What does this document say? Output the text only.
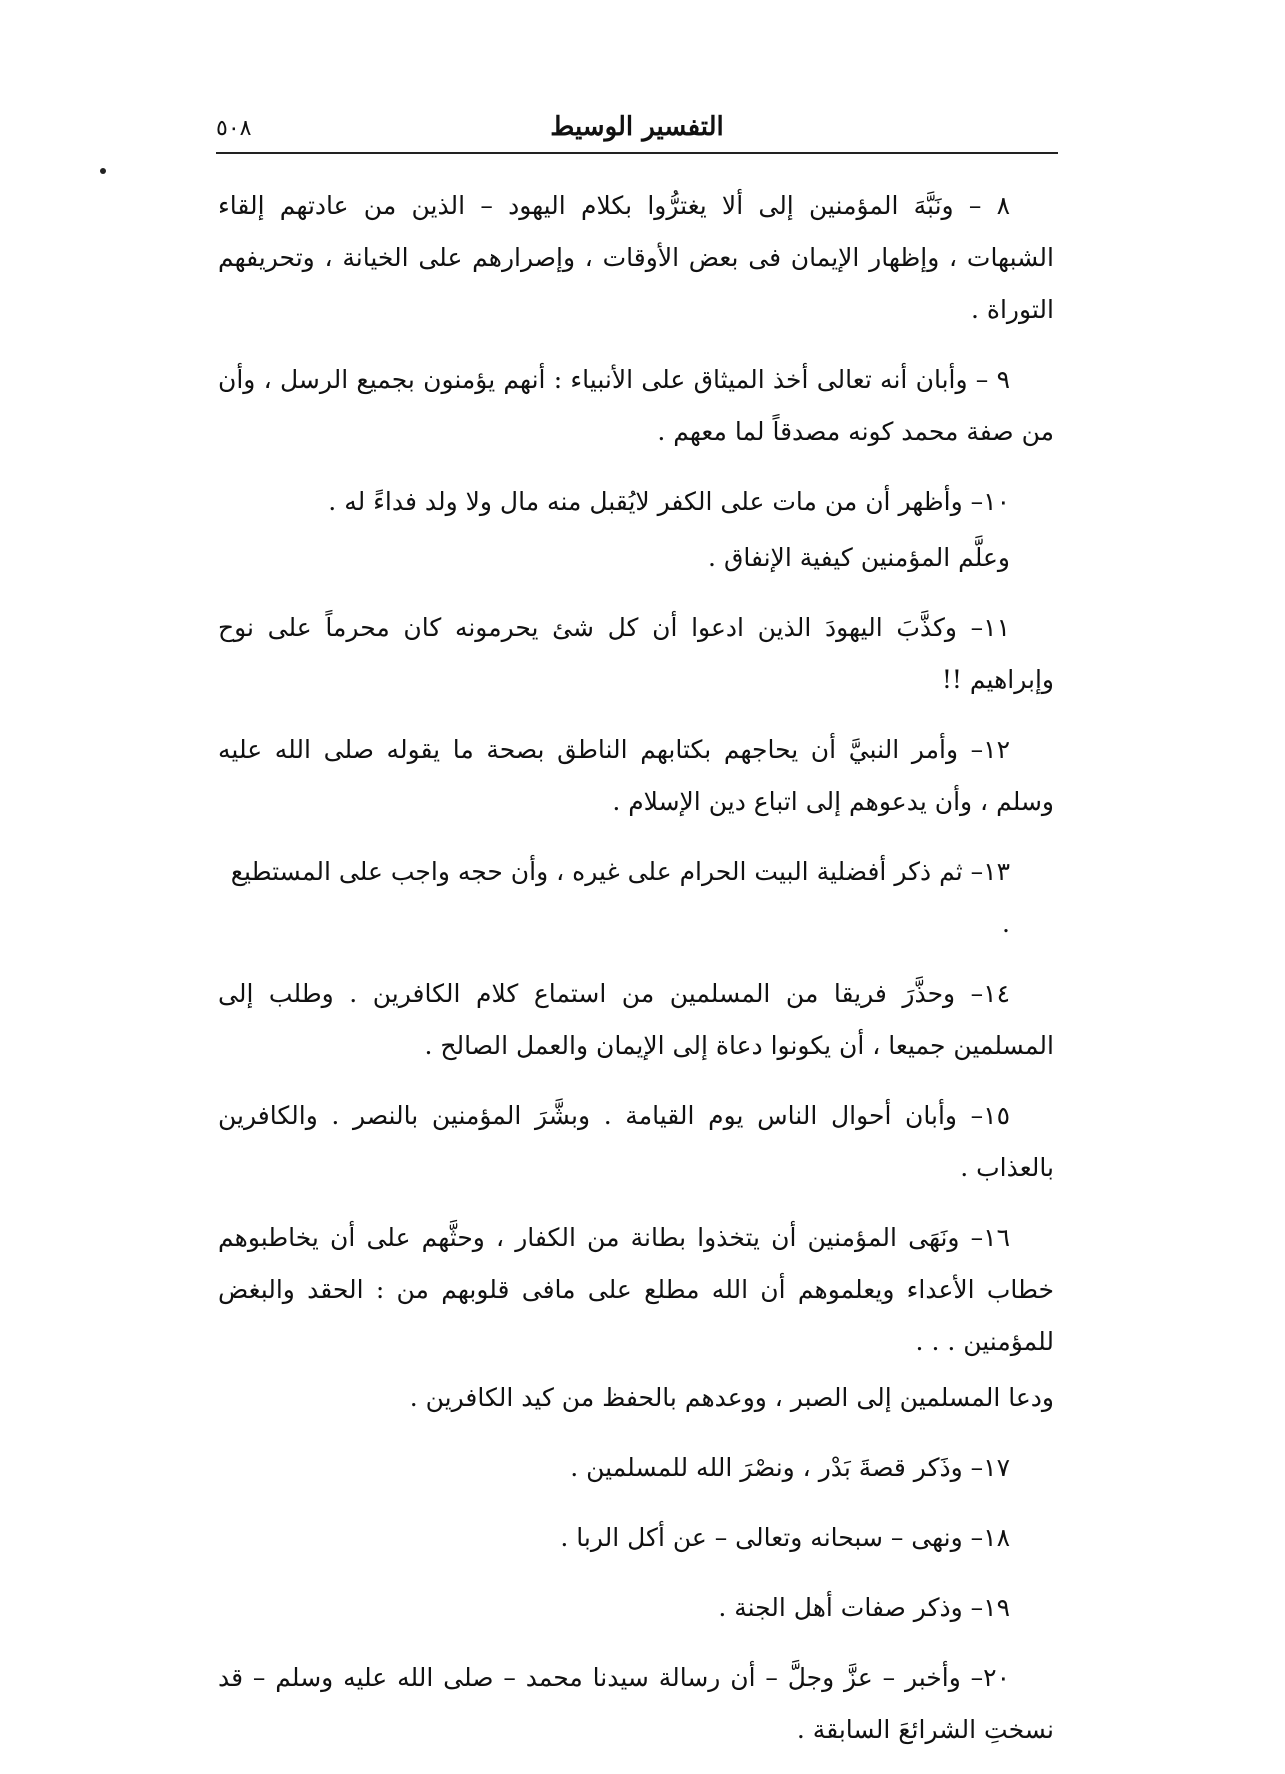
٥٠٨	التفسير الوسيط

٨ – ونَبَّهَ المؤمنين إلى ألا يغترُّوا بكلام اليهود – الذين من عادتهم إلقاء الشبهات ، وإظهار الإيمان فى بعض الأوقات ، وإصرارهم على الخيانة ، وتحريفهم التوراة .

٩ – وأبان أنه تعالى أخذ الميثاق على الأنبياء : أنهم يؤمنون بجميع الرسل ، وأن من صفة محمد كونه مصدقاً لما معهم .

١٠– وأظهر أن من مات على الكفر لايُقبل منه مال ولا ولد فداءً له .

وعلَّم المؤمنين كيفية الإنفاق .

١١– وكذَّبَ اليهودَ الذين ادعوا أن كل شئ يحرمونه كان محرماً على نوح وإبراهيم !!

١٢– وأمر النبيَّ أن يحاجهم بكتابهم الناطق بصحة ما يقوله صلى الله عليه وسلم ، وأن يدعوهم إلى اتباع دين الإسلام .

١٣– ثم ذكر أفضلية البيت الحرام على غيره ، وأن حجه واجب على المستطيع .

١٤– وحذَّرَ فريقا من المسلمين من استماع كلام الكافرين . وطلب إلى المسلمين جميعا ، أن يكونوا دعاة إلى الإيمان والعمل الصالح .

١٥– وأبان أحوال الناس يوم القيامة . وبشَّرَ المؤمنين بالنصر . والكافرين بالعذاب .

١٦– ونَهَى المؤمنين أن يتخذوا بطانة من الكفار ، وحثَّهم على أن يخاطبوهم خطاب الأعداء ويعلموهم أن الله مطلع على مافى قلوبهم من : الحقد والبغض للمؤمنين . . .

ودعا المسلمين إلى الصبر ، ووعدهم بالحفظ من كيد الكافرين .

١٧– وذَكر قصةَ بَدْر ، ونصْرَ الله للمسلمين .

١٨– ونهى – سبحانه وتعالى – عن أكل الربا .

١٩– وذكر صفات أهل الجنة .

٢٠– وأخبر – عزَّ وجلَّ – أن رسالة سيدنا محمد – صلى الله عليه وسلم – قد نسختِ الشرائعَ السابقة .
